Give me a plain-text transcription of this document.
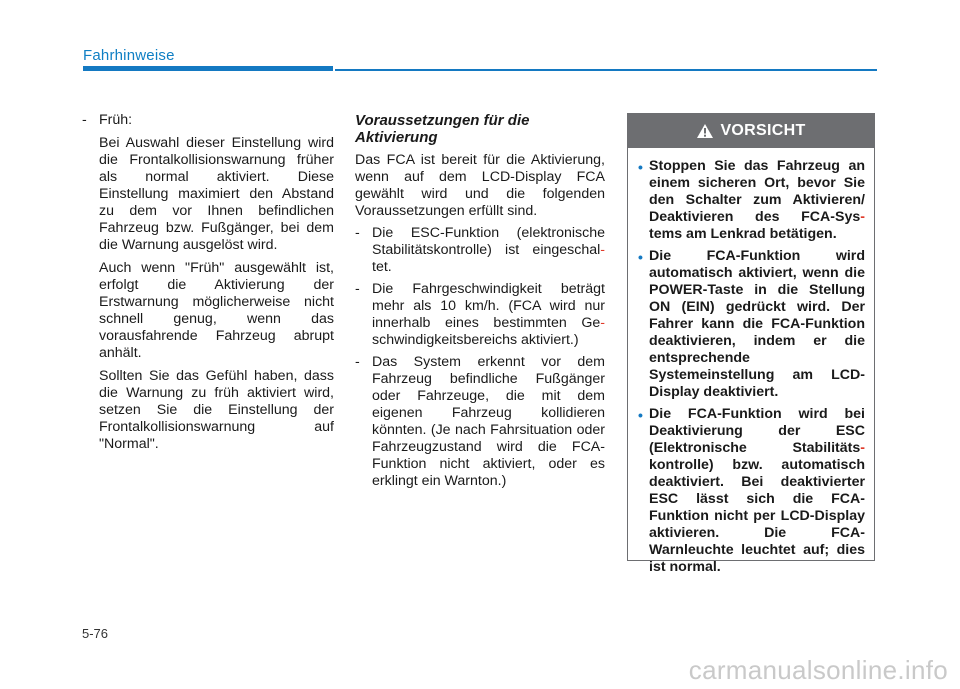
Fahrhinweise
- Früh:

Bei Auswahl dieser Einstellung wird die Frontalkollisionswarnung früher als normal aktiviert. Diese Einstellung maximiert den Abstand zu dem vor Ihnen befindlichen Fahrzeug bzw. Fußgänger, bei dem die Warnung ausgelöst wird.

Auch wenn "Früh" ausgewählt ist, erfolgt die Aktivierung der Erstwarnung möglicherweise nicht schnell genug, wenn das vorausfahrende Fahrzeug abrupt anhält.

Sollten Sie das Gefühl haben, dass die Warnung zu früh aktiviert wird, setzen Sie die Einstellung der Frontalkollisionswarnung auf "Normal".

Voraussetzungen für die Aktivierung

Das FCA ist bereit für die Aktivierung, wenn auf dem LCD-Display FCA gewählt wird und die folgenden Voraussetzungen erfüllt sind.

- Die ESC-Funktion (elektronische Stabilitätskontrolle) ist eingeschal- tet.
- Die Fahrgeschwindigkeit beträgt mehr als 10 km/h. (FCA wird nur innerhalb eines bestimmten Ge- schwindigkeitsbereichs aktiviert.)
- Das System erkennt vor dem Fahrzeug befindliche Fußgänger oder Fahrzeuge, die mit dem eigenen Fahrzeug kollidieren könnten. (Je nach Fahrsituation oder Fahrzeugzustand wird die FCA-Funktion nicht aktiviert, oder es erklingt ein Warnton.)
VORSICHT
• Stoppen Sie das Fahrzeug an einem sicheren Ort, bevor Sie den Schalter zum Aktivieren/ Deaktivieren des FCA-Sys- tems am Lenkrad betätigen.
• Die FCA-Funktion wird automatisch aktiviert, wenn die POWER-Taste in die Stellung ON (EIN) gedrückt wird. Der Fahrer kann die FCA-Funktion deaktivieren, indem er die entsprechende Systemeinstellung am LCD-Display deaktiviert.
• Die FCA-Funktion wird bei Deaktivierung der ESC (Elektronische Stabilitäts- kontrolle) bzw. automatisch deaktiviert. Bei deaktivierter ESC lässt sich die FCA-Funktion nicht per LCD-Display aktivieren. Die FCA-Warnleuchte leuchtet auf; dies ist normal.
5-76
carmanualsonline.info
